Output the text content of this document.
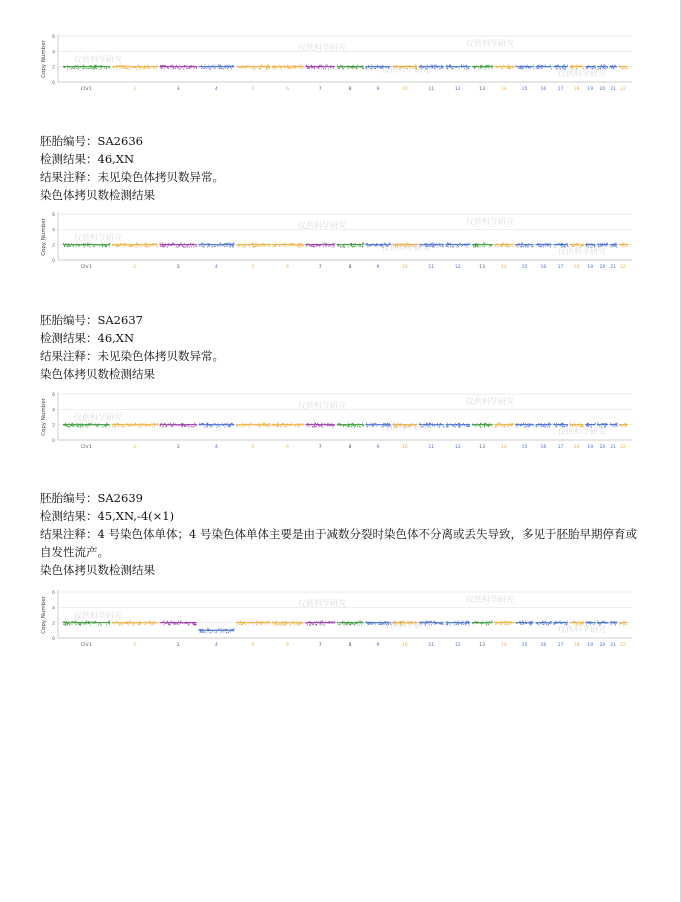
0
2
4
6
Copy Number
Chr1	2	3	4	5	6	7	8	9	10	11	12	13	14	15	16 17 18 19 20 21 22
仪供科学研究
仪供科学研究	仪供科学研究
仪供科学研究	仪供科学研究
胚胎编号：SA2636
检测结果：46,XN
结果注释：未见染色体拷贝数异常。
染色体拷贝数检测结果
0
2
4
6
Copy Number
Chr1	2	3	4	5	6	7	8	9	10	11	12	13	14	15	16 17 18 19 20 21 22
仪供科学研究
仪供科学研究	仪供科学研究
仪供科学研究	仪供科学研究
胚胎编号：SA2637
检测结果：46,XN
结果注释：未见染色体拷贝数异常。
染色体拷贝数检测结果
0
2
4
6
Copy Number
Chr1	2	3	4	5	6	7	8	9	10	11	12	13	14	15	16 17 18 19 20 21 22
仪供科学研究
仪供科学研究	仪供科学研究
仪供科学研究	仪供科学研究
胚胎编号：SA2639
检测结果：45,XN,-4(×1)
结果注释：4 号染色体单体；4 号染色体单体主要是由于减数分裂时染色体不分离或丢失导致，多见于胚胎早期停育或自发性流产。
染色体拷贝数检测结果
0
2
4
6
Copy Number
Chr1	2	3	4	5	6	7	8	9	10	11	12	13	14	15	16 17 18 19 20 21 22
仪供科学研究
仪供科学研究	仪供科学研究
仪供科学研究	仪供科学研究
